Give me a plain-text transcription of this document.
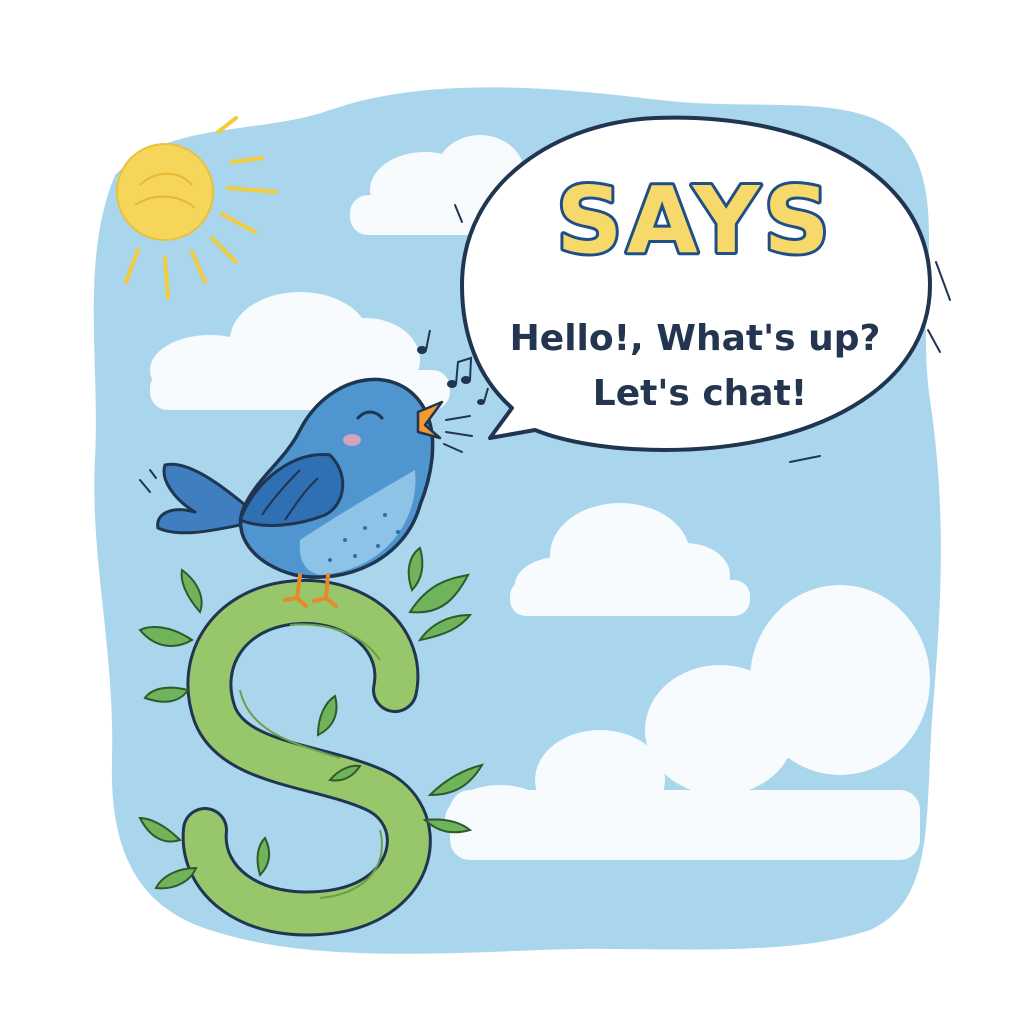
SAYS
Hello!, What's up?
Let's chat!
